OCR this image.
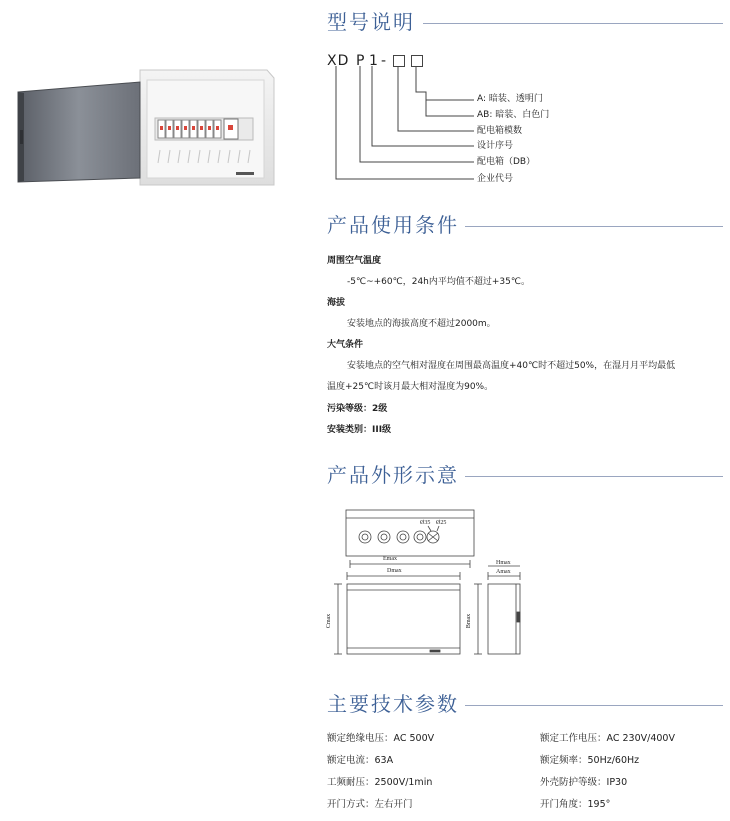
型号说明
XD P 1 -
A: 暗装、透明门
AB: 暗装、白色门
配电箱模数
设计序号
配电箱（DB）
企业代号
产品使用条件
周围空气温度
-5℃~+60℃，24h内平均值不超过+35℃。
海拔
安装地点的海拔高度不超过2000m。
大气条件
安装地点的空气相对湿度在周围最高温度+40℃时不超过50%，在湿月月平均最低
温度+25℃时该月最大相对湿度为90%。
污染等级：2级
安装类别：III级
产品外形示意
Ø35 Ø25
Emax
Dmax
Cmax
Hmax
Amax
Bmax
主要技术参数
额定绝缘电压：AC 500V	额定工作电压：AC 230V/400V
额定电流：63A	额定频率：50Hz/60Hz
工频耐压：2500V/1min	外壳防护等级：IP30
开门方式：左右开门	开门角度：195°
